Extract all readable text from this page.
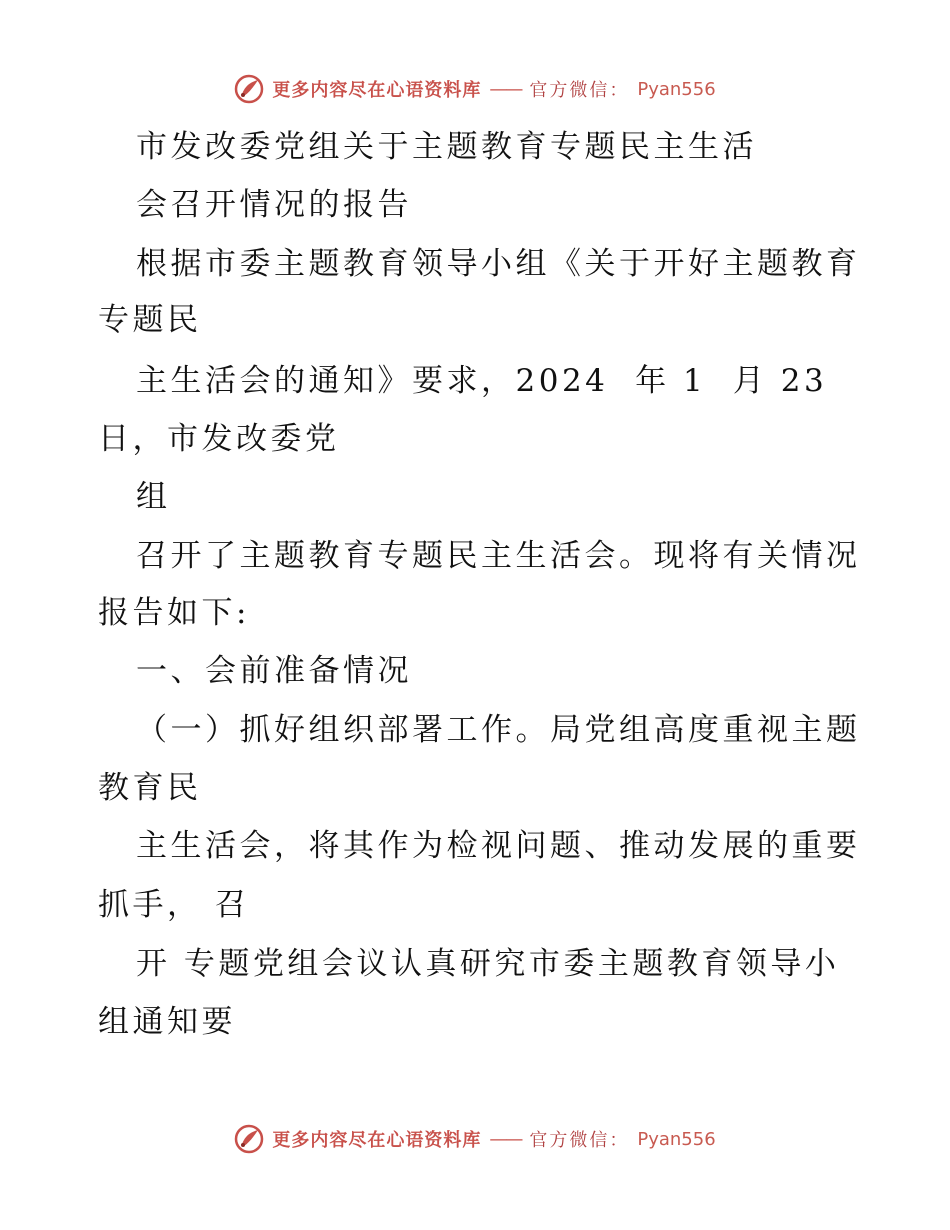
更多内容尽在心语资料库 —— 官方微信： Pyan556
市发改委党组关于主题教育专题民主生活
会召开情况的报告
根据市委主题教育领导小组《关于开好主题教育
专题民
主生活会的通知》要求，2024  年 1  月 23
日，市发改委党
组
召开了主题教育专题民主生活会。现将有关情况
报告如下:
一、会前准备情况
（一）抓好组织部署工作。局党组高度重视主题
教育民
主生活会，将其作为检视问题、推动发展的重要
抓手， 召
开 专题党组会议认真研究市委主题教育领导小
组通知要
更多内容尽在心语资料库 —— 官方微信： Pyan556
